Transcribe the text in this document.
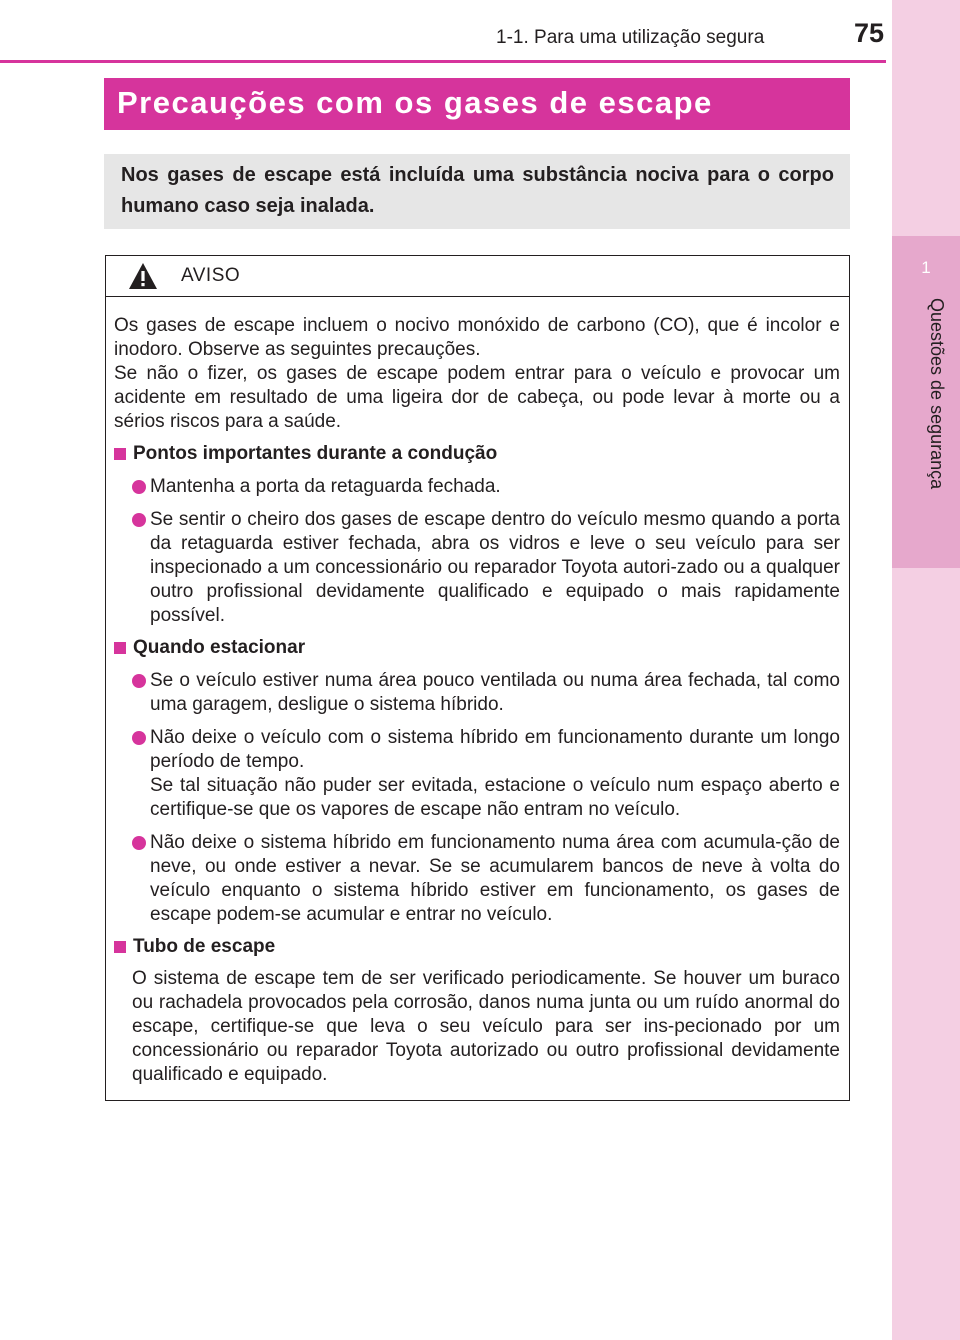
1-1. Para uma utilização segura	75
1
Questões de segurança
Precauções com os gases de escape
Nos gases de escape está incluída uma substância nociva para o corpo humano caso seja inalada.
AVISO

Os gases de escape incluem o nocivo monóxido de carbono (CO), que é incolor e inodoro. Observe as seguintes precauções.

Se não o fizer, os gases de escape podem entrar para o veículo e provocar um acidente em resultado de uma ligeira dor de cabeça, ou pode levar à morte ou a sérios riscos para a saúde.

Pontos importantes durante a condução
Mantenha a porta da retaguarda fechada.
Se sentir o cheiro dos gases de escape dentro do veículo mesmo quando a porta da retaguarda estiver fechada, abra os vidros e leve o seu veículo para ser inspecionado a um concessionário ou reparador Toyota autori-zado ou a qualquer outro profissional devidamente qualificado e equipado o mais rapidamente possível.
Quando estacionar
Se o veículo estiver numa área pouco ventilada ou numa área fechada, tal como uma garagem, desligue o sistema híbrido.
Não deixe o veículo com o sistema híbrido em funcionamento durante um longo período de tempo.
Se tal situação não puder ser evitada, estacione o veículo num espaço aberto e certifique-se que os vapores de escape não entram no veículo.
Não deixe o sistema híbrido em funcionamento numa área com acumula-ção de neve, ou onde estiver a nevar. Se se acumularem bancos de neve à volta do veículo enquanto o sistema híbrido estiver em funcionamento, os gases de escape podem-se acumular e entrar no veículo.
Tubo de escape
O sistema de escape tem de ser verificado periodicamente. Se houver um buraco ou rachadela provocados pela corrosão, danos numa junta ou um ruído anormal do escape, certifique-se que leva o seu veículo para ser ins-pecionado por um concessionário ou reparador Toyota autorizado ou outro profissional devidamente qualificado e equipado.
